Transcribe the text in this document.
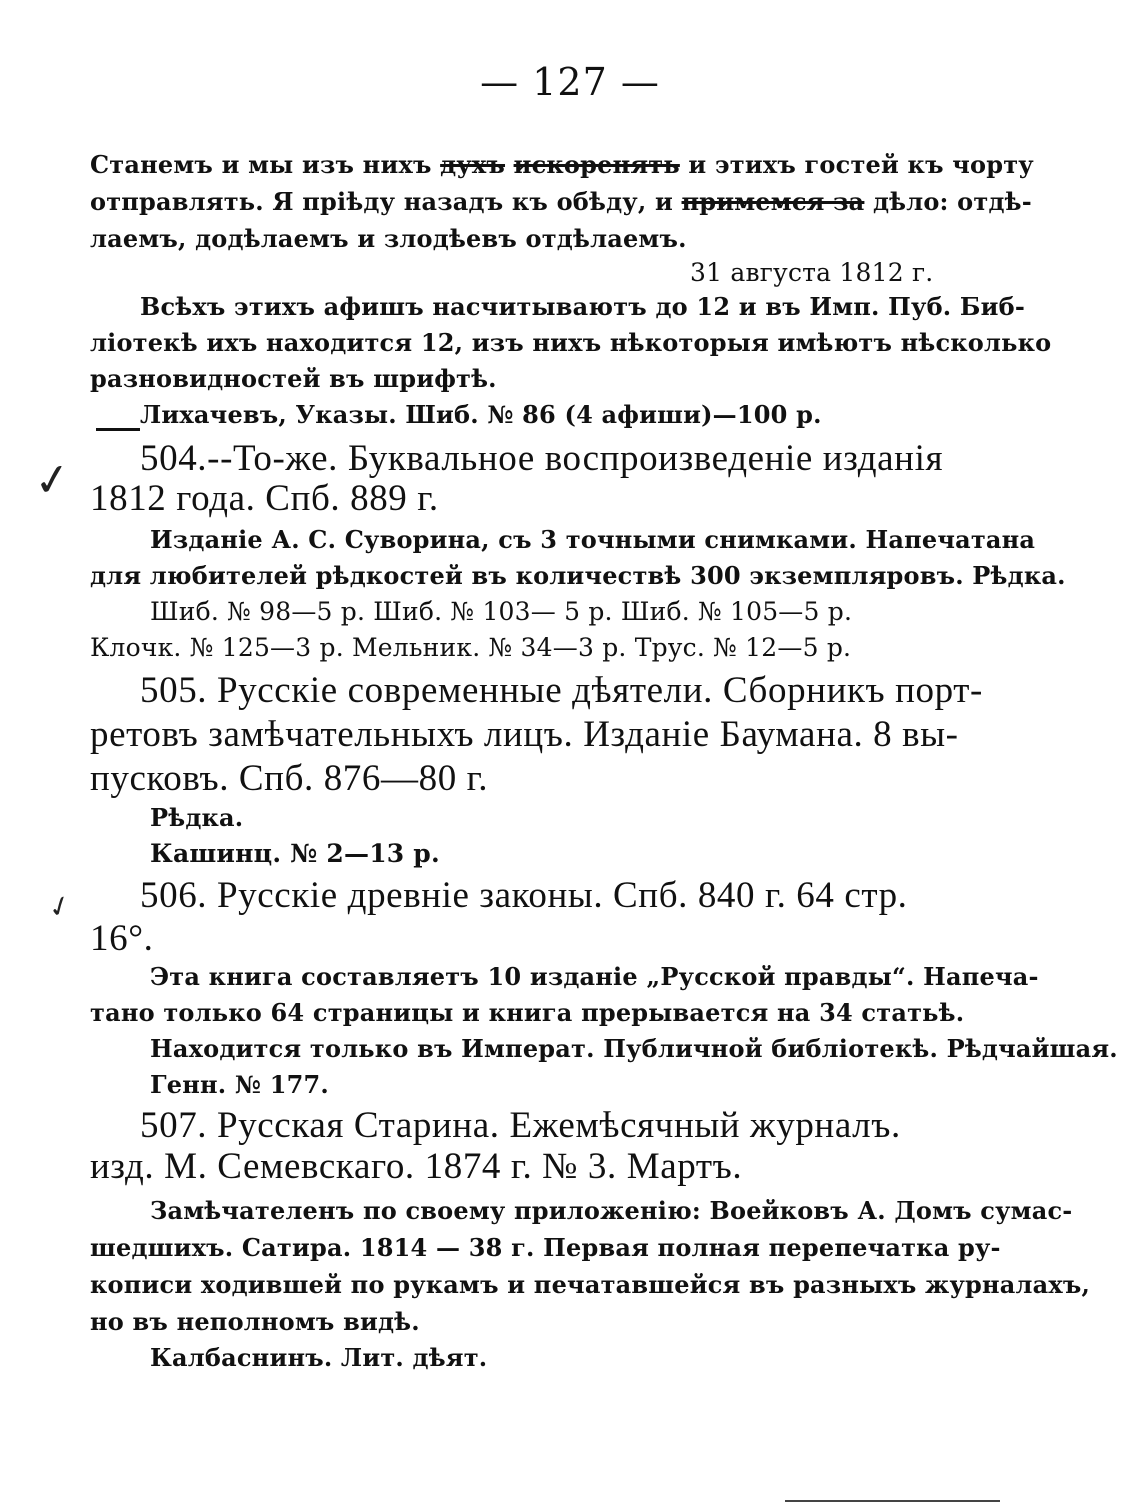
— 127 —
Станемъ и мы изъ нихъ духъ искоренять и этихъ гостей къ чорту
отправлять. Я пріѣду назадъ къ обѣду, и примемся за дѣло: отдѣ-
лаемъ, додѣлаемъ и злодѣевъ отдѣлаемъ.
31 августа 1812 г.
Всѣхъ этихъ афишъ насчитываютъ до 12 и въ Имп. Пуб. Биб-
ліотекѣ ихъ находится 12, изъ нихъ нѣкоторыя имѣютъ нѣсколько
разновидностей въ шрифтѣ.
Лихачевъ, Указы. Шиб. № 86 (4 афиши)—100 р.
504.--То-же. Буквальное воспроизведеніе изданія
1812 года. Спб. 889 г.
✓
Изданіе А. С. Суворина, съ 3 точными снимками. Напечатана
для любителей рѣдкостей въ количествѣ 300 экземпляровъ. Рѣдка.
Шиб. № 98—5 р. Шиб. № 103— 5 р. Шиб. № 105—5 р.
Клочк. № 125—3 р. Мельник. № 34—3 р. Трус. № 12—5 р.
505. Русскіе современные дѣятели. Сборникъ порт-
ретовъ замѣчательныхъ лицъ. Изданіе Баумана. 8 вы-
пусковъ. Спб. 876—80 г.
Рѣдка.
Кашинц. № 2—13 р.
506. Русскіе древніе законы. Спб. 840 г. 64 стр.
16°.
✓
Эта книга составляетъ 10 изданіе „Русской правды“. Напеча-
тано только 64 страницы и книга прерывается на 34 статьѣ.
Находится только въ Императ. Публичной библіотекѣ. Рѣдчайшая.
Генн. № 177.
507. Русская Старина. Ежемѣсячный журналъ.
изд. М. Семевскаго. 1874 г. № 3. Мартъ.
Замѣчателенъ по своему приложенію: Воейковъ А. Домъ сумас-
шедшихъ. Сатира. 1814 — 38 г. Первая полная перепечатка ру-
кописи ходившей по рукамъ и печатавшейся въ разныхъ журналахъ,
но въ неполномъ видѣ.
Калбаснинъ. Лит. дѣят.
